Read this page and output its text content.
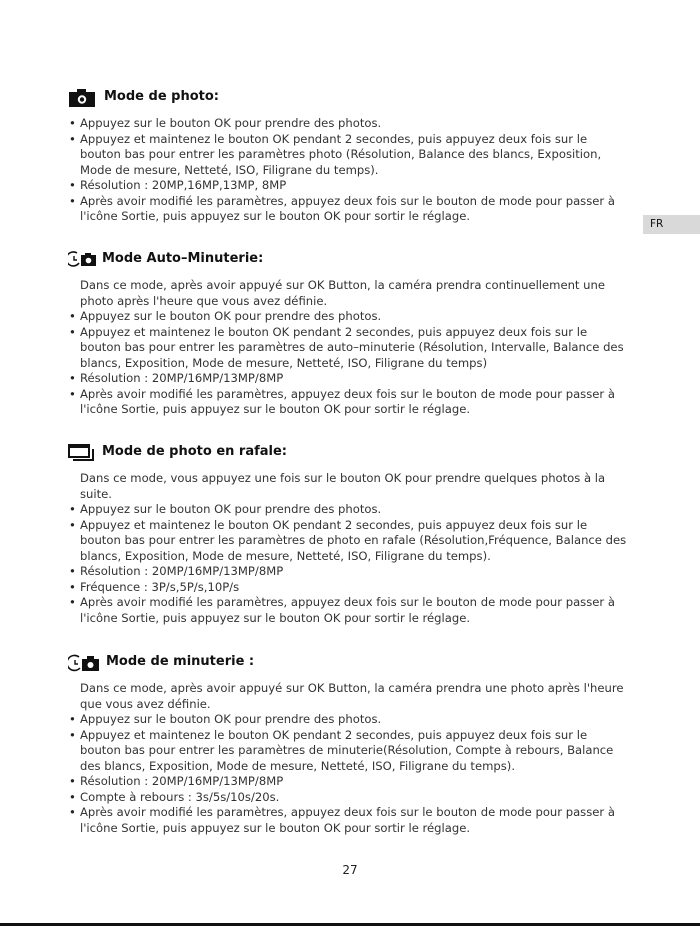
Mode de photo:
• Appuyez sur le bouton OK pour prendre des photos.
• Appuyez et maintenez le bouton OK pendant 2 secondes, puis appuyez deux fois sur le bouton bas pour entrer les paramètres photo (Résolution, Balance des blancs, Exposition, Mode de mesure, Netteté, ISO, Filigrane du temps).
• Résolution : 20MP,16MP,13MP, 8MP
• Après avoir modifié les paramètres, appuyez deux fois sur le bouton de mode pour passer à l'icône Sortie, puis appuyez sur le bouton OK pour sortir le réglage.
Mode Auto–Minuterie:

Dans ce mode, après avoir appuyé sur OK Button, la caméra prendra continuellement une photo après l'heure que vous avez définie.

• Appuyez sur le bouton OK pour prendre des photos.
• Appuyez et maintenez le bouton OK pendant 2 secondes, puis appuyez deux fois sur le bouton bas pour entrer les paramètres de auto–minuterie (Résolution, Intervalle, Balance des blancs, Exposition, Mode de mesure, Netteté, ISO, Filigrane du temps)
• Résolution : 20MP/16MP/13MP/8MP
• Après avoir modifié les paramètres, appuyez deux fois sur le bouton de mode pour passer à l'icône Sortie, puis appuyez sur le bouton OK pour sortir le réglage.
Mode de photo en rafale:

Dans ce mode, vous appuyez une fois sur le bouton OK pour prendre quelques photos à la suite.

• Appuyez sur le bouton OK pour prendre des photos.
• Appuyez et maintenez le bouton OK pendant 2 secondes, puis appuyez deux fois sur le bouton bas pour entrer les paramètres de photo en rafale (Résolution,Fréquence, Balance des blancs, Exposition, Mode de mesure, Netteté, ISO, Filigrane du temps).
• Résolution : 20MP/16MP/13MP/8MP
• Fréquence : 3P/s,5P/s,10P/s
• Après avoir modifié les paramètres, appuyez deux fois sur le bouton de mode pour passer à l'icône Sortie, puis appuyez sur le bouton OK pour sortir le réglage.
Mode de minuterie :

Dans ce mode, après avoir appuyé sur OK Button, la caméra prendra une photo après l'heure que vous avez définie.

• Appuyez sur le bouton OK pour prendre des photos.
• Appuyez et maintenez le bouton OK pendant 2 secondes, puis appuyez deux fois sur le bouton bas pour entrer les paramètres de minuterie(Résolution, Compte à rebours, Balance des blancs, Exposition, Mode de mesure, Netteté, ISO, Filigrane du temps).
• Résolution : 20MP/16MP/13MP/8MP
• Compte à rebours : 3s/5s/10s/20s.
• Après avoir modifié les paramètres, appuyez deux fois sur le bouton de mode pour passer à l'icône Sortie, puis appuyez sur le bouton OK pour sortir le réglage.
FR
27
